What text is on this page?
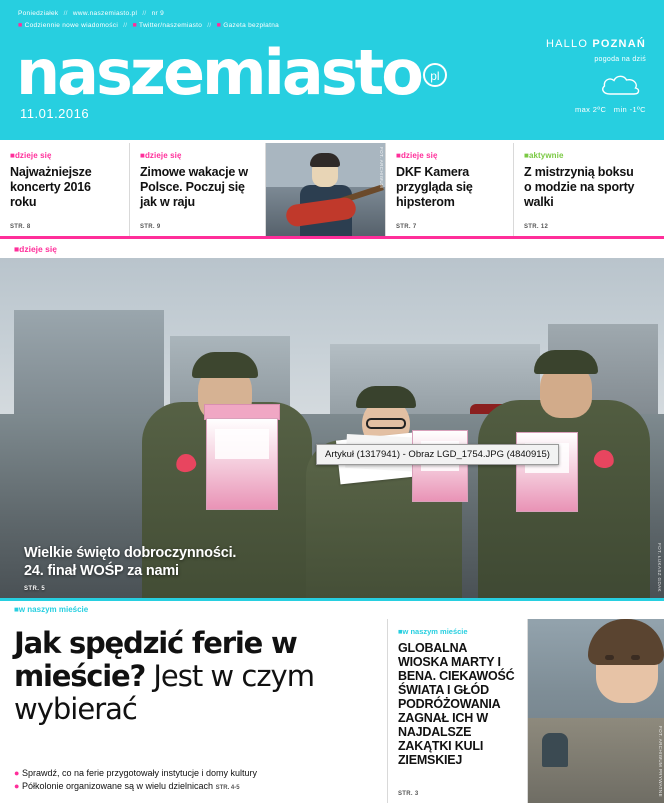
Poniedziałek // www.naszemiasto.pl // nr 9
■ Codziennie nowe wiadomości // ■ Twitter/naszemiasto // ■ Gazeta bezpłatna
naszemiasto pl
11.01.2016
HALLO POZNAŃ
pogoda na dziś
max 2ºC min -1ºC
■dzieje się
Najważniejsze koncerty 2016 roku
STR. 8
■dzieje się
Zimowe wakacje w Polsce. Poczuj się jak w raju
STR. 9
FOT. ARCHIWUM ■dzieje się
DKF Kamera przygląda się hipsterom
STR. 7
■aktywnie
Z mistrzynią boksu o modzie na sporty walki
STR. 12
■dzieje się
Wielkie święto dobroczynności. 24. finał WOŚP za nami
STR. 5	FOT. ŁUKASZ GDAK
Artykuł (1317941) - Obraz LGD_1754.JPG (4840915)
■w naszym mieście
Jak spędzić ferie w mieście? Jest w czym wybierać
● Sprawdź, co na ferie przygotowały instytucje i domy kultury
● Półkolonie organizowane są w wielu dzielnicach STR. 4-5
■w naszym mieście
GLOBALNA WIOSKA MARTY I BENA. CIEKAWOŚĆ ŚWIATA I GŁÓD PODRÓŻOWANIA ZAGNAŁ ICH W NAJDALSZE ZAKĄTKI KULI ZIEMSKIEJ
STR. 3	FOT. ARCHIWUM PRYWATNE
